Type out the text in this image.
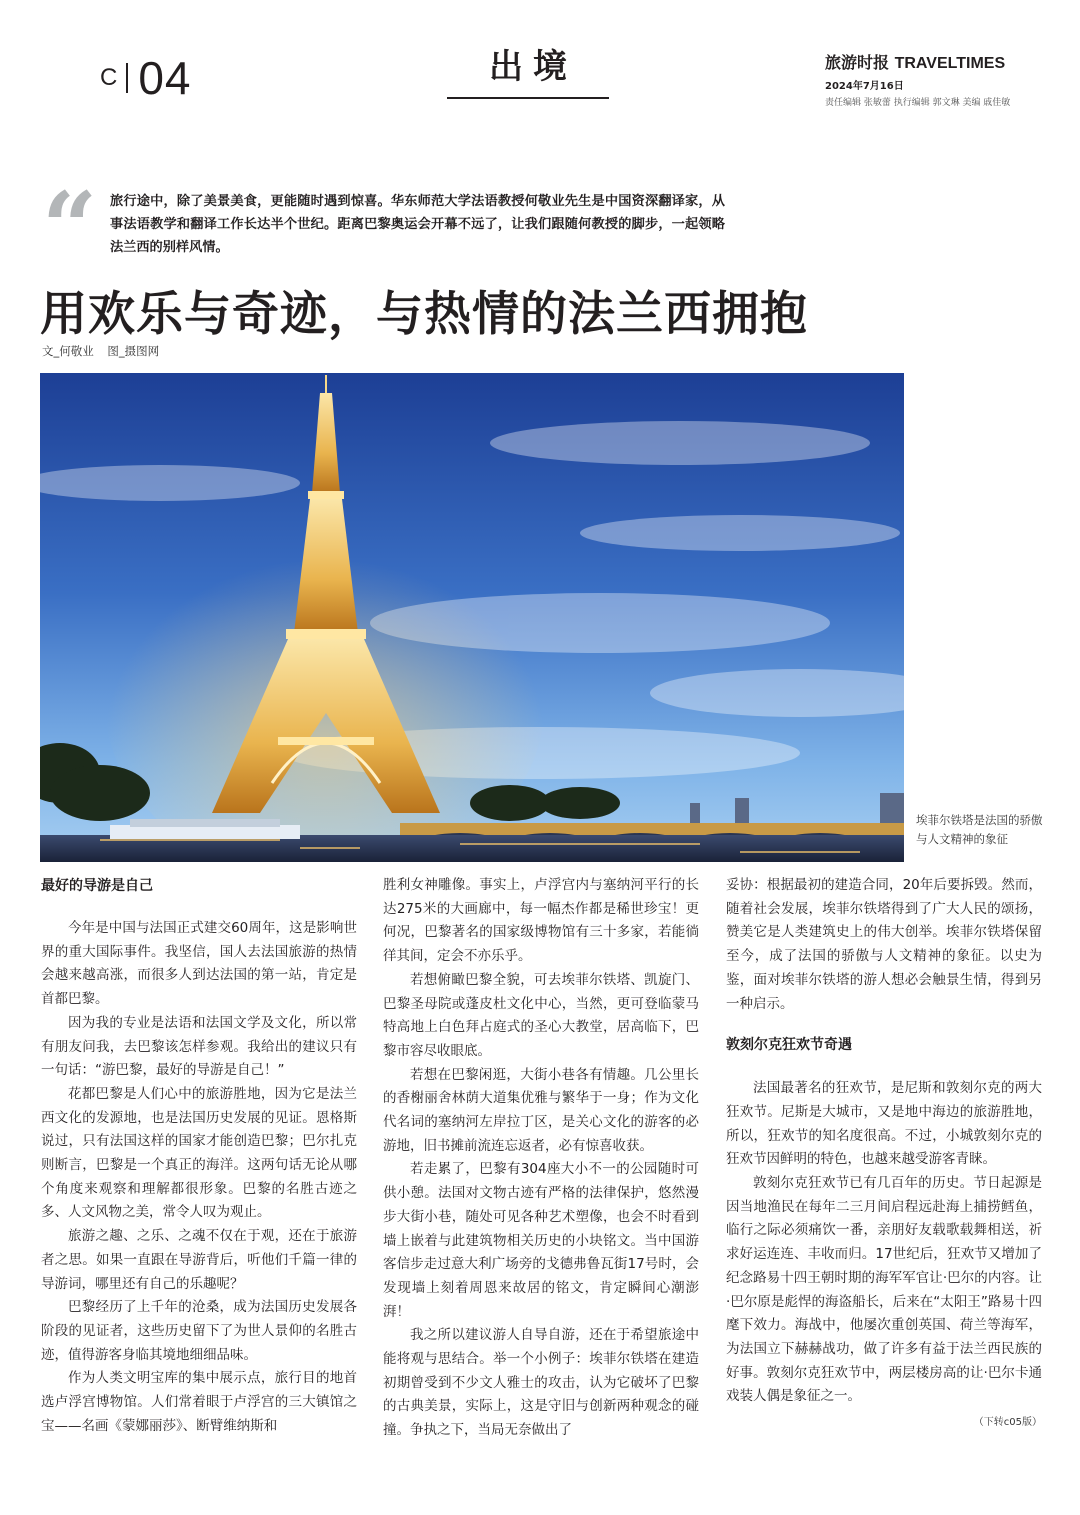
C 04	出境	旅游时报 TRAVELTIMES
2024年7月16日
责任编辑 张敏蕾 执行编辑 郭文琳 美编 戚佳敏
“ 旅行途中，除了美景美食，更能随时遇到惊喜。华东师范大学法语教授何敬业先生是中国资深翻译家，从事法语教学和翻译工作长达半个世纪。距离巴黎奥运会开幕不远了，让我们跟随何教授的脚步，一起领略法兰西的别样风情。
用欢乐与奇迹，与热情的法兰西拥抱
文_何敬业 图_摄图网
埃菲尔铁塔是法国的骄傲与人文精神的象征

最好的导游是自己

今年是中国与法国正式建交60周年，这是影响世界的重大国际事件。我坚信，国人去法国旅游的热情会越来越高涨，而很多人到达法国的第一站，肯定是首都巴黎。

因为我的专业是法语和法国文学及文化，所以常有朋友问我，去巴黎该怎样参观。我给出的建议只有一句话：“游巴黎，最好的导游是自己！”

花都巴黎是人们心中的旅游胜地，因为它是法兰西文化的发源地，也是法国历史发展的见证。恩格斯说过，只有法国这样的国家才能创造巴黎；巴尔扎克则断言，巴黎是一个真正的海洋。这两句话无论从哪个角度来观察和理解都很形象。巴黎的名胜古迹之多、人文风物之美，常令人叹为观止。

旅游之趣、之乐、之魂不仅在于观，还在于旅游者之思。如果一直跟在导游背后，听他们千篇一律的导游词，哪里还有自己的乐趣呢？

巴黎经历了上千年的沧桑，成为法国历史发展各阶段的见证者，这些历史留下了为世人景仰的名胜古迹，值得游客身临其境地细细品味。

作为人类文明宝库的集中展示点，旅行目的地首选卢浮宫博物馆。人们常着眼于卢浮宫的三大镇馆之宝——名画《蒙娜丽莎》、断臂维纳斯和

胜利女神雕像。事实上，卢浮宫内与塞纳河平行的长达275米的大画廊中，每一幅杰作都是稀世珍宝！更何况，巴黎著名的国家级博物馆有三十多家，若能徜徉其间，定会不亦乐乎。

若想俯瞰巴黎全貌，可去埃菲尔铁塔、凯旋门、巴黎圣母院或蓬皮杜文化中心，当然，更可登临蒙马特高地上白色拜占庭式的圣心大教堂，居高临下，巴黎市容尽收眼底。

若想在巴黎闲逛，大街小巷各有情趣。几公里长的香榭丽舍林荫大道集优雅与繁华于一身；作为文化代名词的塞纳河左岸拉丁区，是关心文化的游客的必游地，旧书摊前流连忘返者，必有惊喜收获。

若走累了，巴黎有304座大小不一的公园随时可供小憩。法国对文物古迹有严格的法律保护，悠然漫步大街小巷，随处可见各种艺术塑像，也会不时看到墙上嵌着与此建筑物相关历史的小块铭文。当中国游客信步走过意大利广场旁的戈德弗鲁瓦街17号时，会发现墙上刻着周恩来故居的铭文，肯定瞬间心潮澎湃！

我之所以建议游人自导自游，还在于希望旅途中能将观与思结合。举一个小例子：埃菲尔铁塔在建造初期曾受到不少文人雅士的攻击，认为它破坏了巴黎的古典美景，实际上，这是守旧与创新两种观念的碰撞。争执之下，当局无奈做出了

妥协：根据最初的建造合同，20年后要拆毁。然而，随着社会发展，埃菲尔铁塔得到了广大人民的颂扬，赞美它是人类建筑史上的伟大创举。埃菲尔铁塔保留至今，成了法国的骄傲与人文精神的象征。以史为鉴，面对埃菲尔铁塔的游人想必会触景生情，得到另一种启示。

敦刻尔克狂欢节奇遇

法国最著名的狂欢节，是尼斯和敦刻尔克的两大狂欢节。尼斯是大城市，又是地中海边的旅游胜地，所以，狂欢节的知名度很高。不过，小城敦刻尔克的狂欢节因鲜明的特色，也越来越受游客青睐。

敦刻尔克狂欢节已有几百年的历史。节日起源是因当地渔民在每年二三月间启程远赴海上捕捞鳕鱼，临行之际必须痛饮一番，亲朋好友载歌载舞相送，祈求好运连连、丰收而归。17世纪后，狂欢节又增加了纪念路易十四王朝时期的海军军官让·巴尔的内容。让·巴尔原是彪悍的海盗船长，后来在“太阳王”路易十四麾下效力。海战中，他屡次重创英国、荷兰等海军，为法国立下赫赫战功，做了许多有益于法兰西民族的好事。敦刻尔克狂欢节中，两层楼房高的让·巴尔卡通戏装人偶是象征之一。

（下转c05版）
